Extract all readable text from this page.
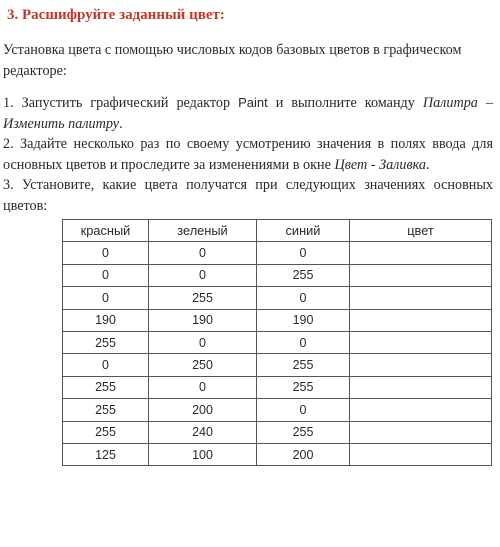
3. Расшифруйте заданный цвет:
Установка цвета с помощью числовых кодов базовых цветов в графическом редакторе:

1. Запустить графический редактор Paint и выполните команду Палитра – Изменить палитру.

2. Задайте несколько раз по своему усмотрению значения в полях ввода для основных цветов и проследите за изменениями в окне Цвет - Заливка.

3. Установите, какие цвета получатся при следующих значениях основных цветов:

красный	зеленый	синий	цвет
0	0	0	
0	0	255	
0	255	0	
190	190	190	
255	0	0	
0	250	255	
255	0	255	
255	200	0	
255	240	255	
125	100	200	
